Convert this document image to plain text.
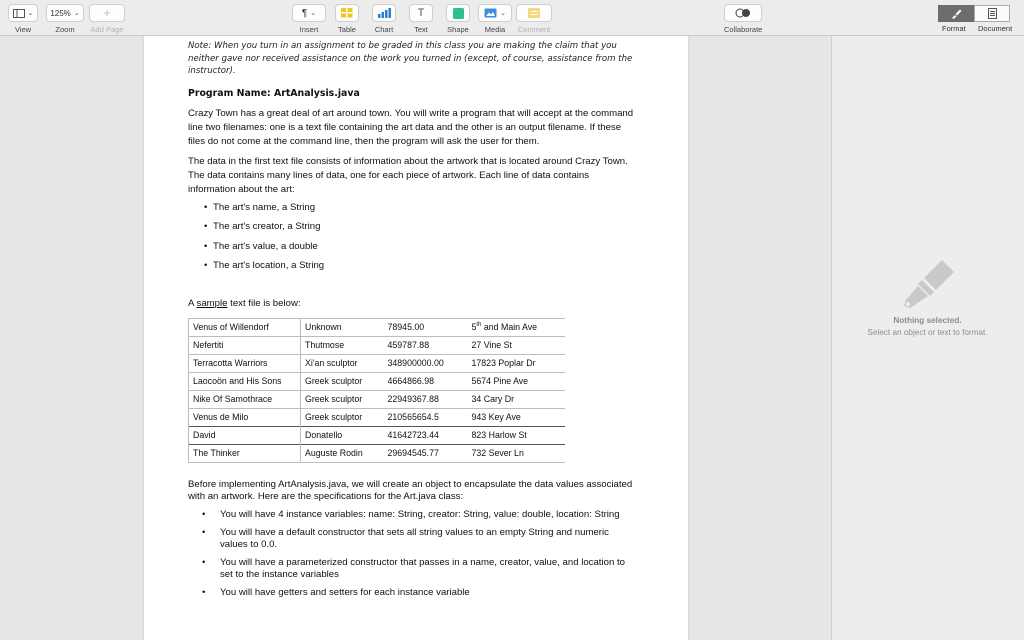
⌄
View
125% ⌄
Zoom
+
Add Page
¶ ⌄
Insert	Table	Chart
T
Text	Shape
⌄
Media Comment	Collaborate	Format Document
Note: When you turn in an assignment to be graded in this class you are making the claim that you neither gave nor received assistance on the work you turned in (except, of course, assistance from the instructor).
Program Name: ArtAnalysis.java
Crazy Town has a great deal of art around town. You will write a program that will accept at the command line two filenames: one is a text file containing the art data and the other is an output filename. If these files do not come at the command line, then the program will ask the user for them.
The data in the first text file consists of information about the artwork that is located around Crazy Town. The data contains many lines of data, one for each piece of artwork. Each line of data contains information about the art:
• The art's name, a String
• The art's creator, a String
• The art's value, a double
• The art's location, a String
A sample text file is below:
Venus of Willendorf	Unknown	78945.00	5th and Main Ave
Nefertiti	Thutmose	459787.88	27 Vine St
Terracotta Warriors	Xi'an sculptor	348900000.00	17823 Poplar Dr
Laocoön and His Sons	Greek sculptor	4664866.98	5674 Pine Ave
Nike Of Samothrace	Greek sculptor	22949367.88	34 Cary Dr
Venus de Milo	Greek sculptor	210565654.5	943 Key Ave
David	Donatello	41642723.44	823 Harlow St
The Thinker	Auguste Rodin	29694545.77	732 Sever Ln
Before implementing ArtAnalysis.java, we will create an object to encapsulate the data values associated with an artwork. Here are the specifications for the Art.java class:
•	You will have 4 instance variables: name: String, creator: String, value: double, location: String
•	You will have a default constructor that sets all string values to an empty String and numeric values to 0.0.
•	You will have a parameterized constructor that passes in a name, creator, value, and location to set to the instance variables
•	You will have getters and setters for each instance variable
Nothing selected.
Select an object or text to format.
